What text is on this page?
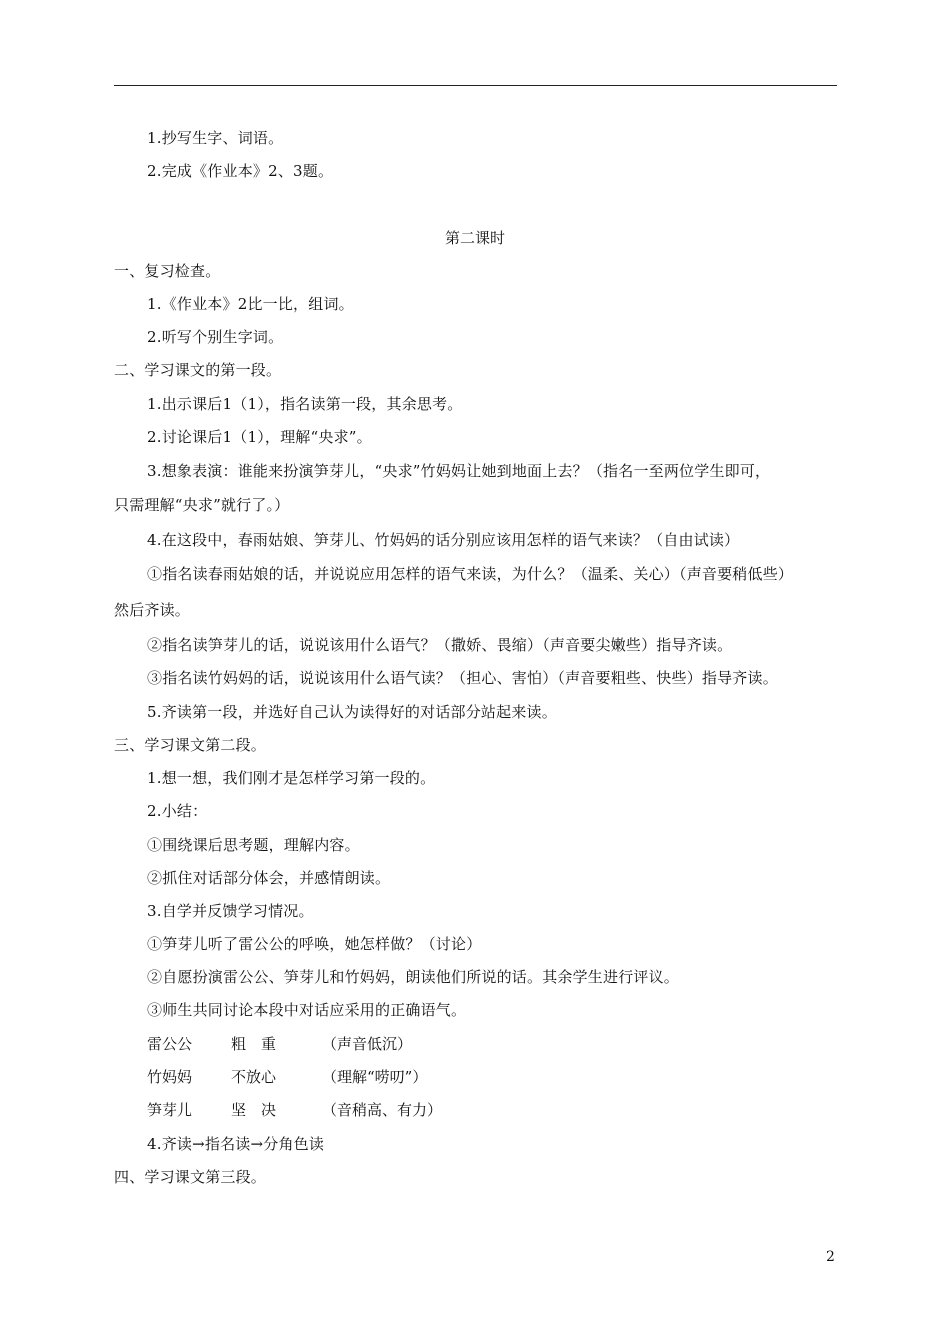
1.抄写生字、词语。
2.完成《作业本》2、3题。
第二课时
一、复习检查。
1.《作业本》2比一比，组词。
2.听写个别生字词。
二、学习课文的第一段。
1.出示课后1（1），指名读第一段，其余思考。
2.讨论课后1（1），理解“央求”。
3.想象表演：谁能来扮演笋芽儿，“央求”竹妈妈让她到地面上去？（指名一至两位学生即可，
只需理解“央求”就行了。）
4.在这段中，春雨姑娘、笋芽儿、竹妈妈的话分别应该用怎样的语气来读？（自由试读）
①指名读春雨姑娘的话，并说说应用怎样的语气来读，为什么？（温柔、关心）（声音要稍低些）
然后齐读。
②指名读笋芽儿的话，说说该用什么语气？（撒娇、畏缩）（声音要尖嫩些）指导齐读。
③指名读竹妈妈的话，说说该用什么语气读？（担心、害怕）（声音要粗些、快些）指导齐读。
5.齐读第一段，并选好自己认为读得好的对话部分站起来读。
三、学习课文第二段。
1.想一想，我们刚才是怎样学习第一段的。
2.小结：
①围绕课后思考题，理解内容。
②抓住对话部分体会，并感情朗读。
3.自学并反馈学习情况。
①笋芽儿听了雷公公的呼唤，她怎样做？（讨论）
②自愿扮演雷公公、笋芽儿和竹妈妈，朗读他们所说的话。其余学生进行评议。
③师生共同讨论本段中对话应采用的正确语气。
雷公公	粗　重	（声音低沉）
竹妈妈	不放心	（理解“唠叨”）
笋芽儿	坚　决	（音稍高、有力）
4.齐读→指名读→分角色读
四、学习课文第三段。
2
